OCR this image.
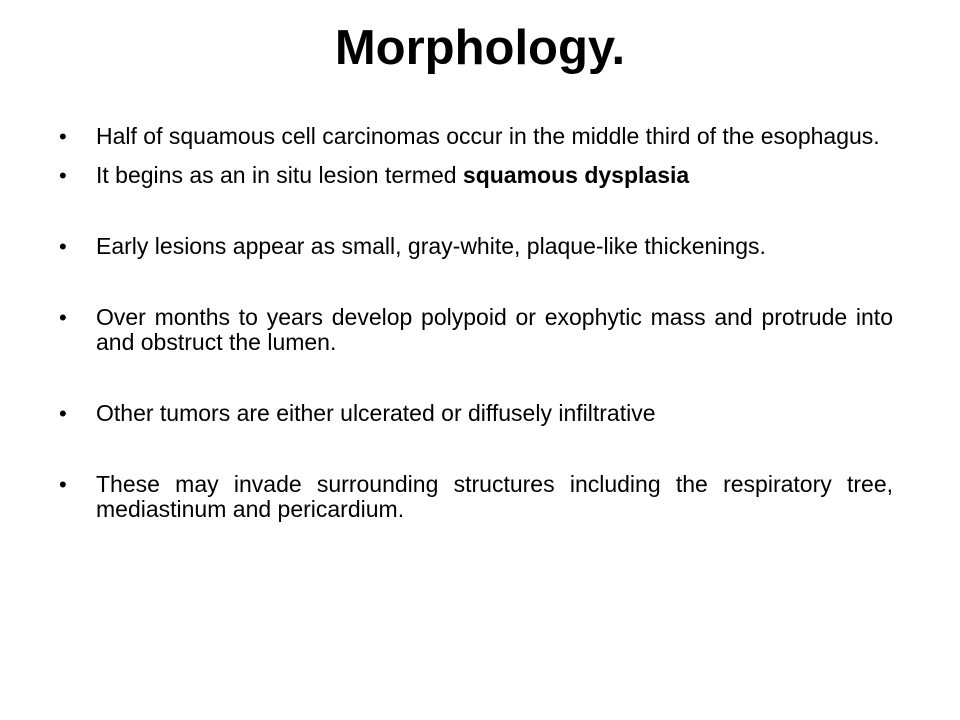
Morphology.
• Half of squamous cell carcinomas occur in the middle third of the esophagus.
• It begins as an in situ lesion termed squamous dysplasia
• Early lesions appear as small, gray-white, plaque-like thickenings.
• Over months to years develop polypoid or exophytic mass and protrude into and obstruct the lumen.
• Other tumors are either ulcerated or diffusely infiltrative
• These may invade surrounding structures including the respiratory tree, mediastinum and pericardium.
